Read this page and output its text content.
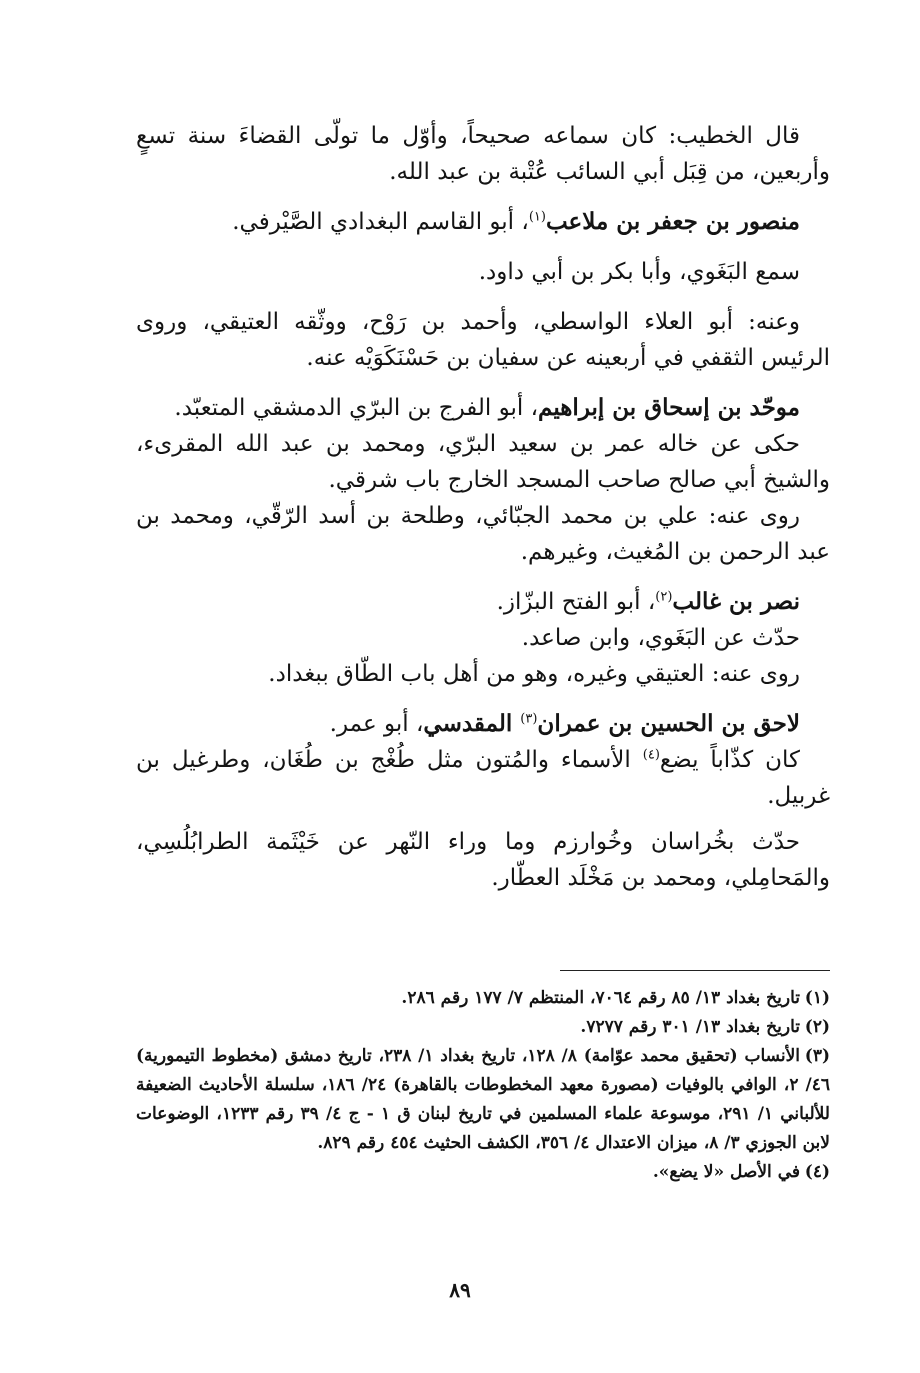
قال الخطيب: كان سماعه صحيحاً، وأوّل ما تولّى القضاءَ سنة تسعٍ وأربعين، من قِبَل أبي السائب عُتْبة بن عبد الله.

منصور بن جعفر بن ملاعب$^{(١)}$، أبو القاسم البغدادي الصَّيْرفي.

سمع البَغَوي، وأبا بكر بن أبي داود.

وعنه: أبو العلاء الواسطي، وأحمد بن رَوْح، ووثّقه العتيقي، وروى الرئيس الثقفي في أربعينه عن سفيان بن حَسْنَكَوَيْه عنه.

موحّد بن إسحاق بن إبراهيم، أبو الفرج بن البرّي الدمشقي المتعبّد.

حكى عن خاله عمر بن سعيد البرّي، ومحمد بن عبد الله المقرىء، والشيخ أبي صالح صاحب المسجد الخارج باب شرقي.

روى عنه: علي بن محمد الجبّائي، وطلحة بن أسد الرّقّي، ومحمد بن عبد الرحمن بن المُغيث، وغيرهم.

نصر بن غالب$^{(٢)}$، أبو الفتح البزّاز.

حدّث عن البَغَوي، وابن صاعد.

روى عنه: العتيقي وغيره، وهو من أهل باب الطّاق ببغداد.

لاحق بن الحسين بن عمران$^{(٣)}$ المقدسي، أبو عمر.

كان كذّاباً يضع$^{(٤)}$ الأسماء والمُتون مثل طُغْج بن طُغَان، وطرغيل بن غربيل.

حدّث بخُراسان وخُوارزم وما وراء النّهر عن خَيْثَمة الطرابُلُسِي، والمَحامِلي، ومحمد بن مَخْلَد العطّار.

(١)تاريخ بغداد ١٣/ ٨٥ رقم ٧٠٦٤، المنتظم ٧/ ١٧٧ رقم ٢٨٦.

(٢)تاريخ بغداد ١٣/ ٣٠١ رقم ٧٢٧٧.

(٣)الأنساب (تحقيق محمد عوّامة) ٨/ ١٢٨، تاريخ بغداد ١/ ٢٣٨، تاريخ دمشق (مخطوط التيمورية) ٤٦/ ٢، الوافي بالوفيات (مصورة معهد المخطوطات بالقاهرة) ٢٤/ ١٨٦، سلسلة الأحاديث الضعيفة للألباني ١/ ٢٩١، موسوعة علماء المسلمين في تاريخ لبنان ق ١ - ج ٤/ ٣٩ رقم ١٢٣٣، الوضوعات لابن الجوزي ٣/ ٨، ميزان الاعتدال ٤/ ٣٥٦، الكشف الحثيث ٤٥٤ رقم ٨٢٩.

(٤)في الأصل «لا يضع».

٨٩
